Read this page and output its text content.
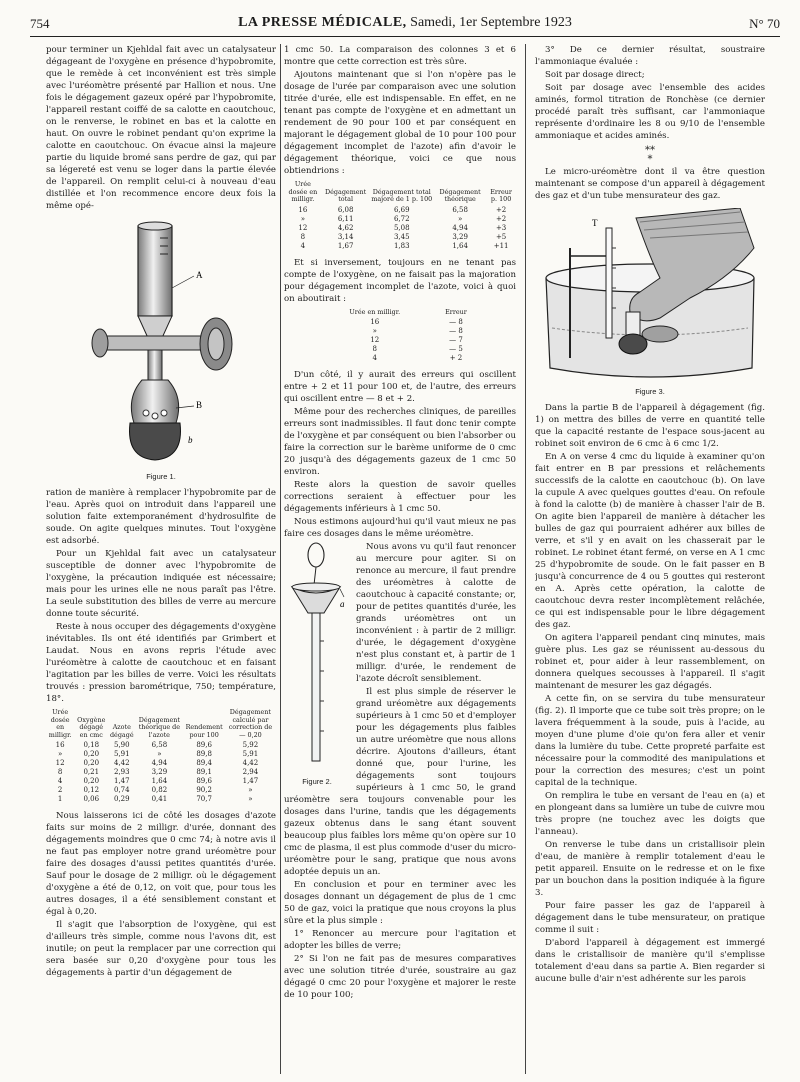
754	LA PRESSE MÉDICALE, Samedi, 1er Septembre 1923	N° 70

pour terminer un Kjehldal fait avec un catalysateur dégageant de l'oxygène en présence d'hypobromite, que le remède à cet inconvénient est très simple avec l'uréomètre présenté par Hallion et nous. Une fois le dégagement gazeux opéré par l'hypobromite, l'appareil restant coiffé de sa calotte en caoutchouc, on le renverse, le robinet en bas et la calotte en haut. On ouvre le robinet pendant qu'on exprime la calotte en caoutchouc. On évacue ainsi la majeure partie du liquide bromé sans perdre de gaz, qui par sa légereté est venu se loger dans la partie élevée de l'appareil. On remplit celui-ci à nouveau d'eau distillée et l'on recommence encore deux fois la même opé-

A
B
b
Figure 1.

ration de manière à remplacer l'hypobromite par de l'eau. Après quoi on introduit dans l'appareil une solution faite extemporanément d'hydrosulfite de soude. On agite quelques minutes. Tout l'oxygène est adsorbé.

Pour un Kjehldal fait avec un catalysateur susceptible de donner avec l'hypobromite de l'oxygène, la précaution indiquée est nécessaire; mais pour les urines elle ne nous paraît pas l'être. La seule substitution des billes de verre au mercure donne toute sécurité.

Reste à nous occuper des dégagements d'oxygène inévitables. Ils ont été identifiés par Grimbert et Laudat. Nous en avons repris l'étude avec l'uréomètre à calotte de caoutchouc et en faisant l'agitation par les billes de verre. Voici les résultats trouvés : pression barométrique, 750; température, 18°.

Urée dosée en milligr.	Oxygène dégagé en cmc	Azote dégagé	Dégagement théorique de l'azote	Rendement pour 100	Dégagement calculé par correction de — 0,20
16	0,18	5,90	6,58	89,6	5,92
»	0,20	5,91	»	89,8	5,91
12	0,20	4,42	4,94	89,4	4,42
8	0,21	2,93	3,29	89,1	2,94
4	0,20	1,47	1,64	89,6	1,47
2	0,12	0,74	0,82	90,2	»
1	0,06	0,29	0,41	70,7	»

Nous laisserons ici de côté les dosages d'azote faits sur moins de 2 milligr. d'urée, donnant des dégagements moindres que 0 cmc 74; à notre avis il ne faut pas employer notre grand uréomètre pour faire des dosages d'aussi petites quantités d'urée. Sauf pour le dosage de 2 milligr. où le dégagement d'oxygène a été de 0,12, on voit que, pour tous les autres dosages, il a été sensiblement constant et égal à 0,20.

Il s'agit que l'absorption de l'oxygène, qui est d'ailleurs très simple, comme nous l'avons dit, est inutile; on peut la remplacer par une correction qui sera basée sur 0,20 d'oxygène pour tous les dégagements à partir d'un dégagement de

1 cmc 50. La comparaison des colonnes 3 et 6 montre que cette correction est très sûre.

Ajoutons maintenant que si l'on n'opère pas le dosage de l'urée par comparaison avec une solution titrée d'urée, elle est indispensable. En effet, en ne tenant pas compte de l'oxygène et en admettant un rendement de 90 pour 100 et par conséquent en majorant le dégagement global de 10 pour 100 pour dégagement incomplet de l'azote) afin d'avoir le dégagement théorique, voici ce que nous obtiendrions :

Urée dosée en milligr.	Dégagement total	Dégagement total majoré de 1 p. 100	Dégagement théorique	Erreur p. 100
16	6,08	6,69	6,58	+2
»	6,11	6,72	»	+2
12	4,62	5,08	4,94	+3
8	3,14	3,45	3,29	+5
4	1,67	1,83	1,64	+11

Et si inversement, toujours en ne tenant pas compte de l'oxygène, on ne faisait pas la majoration pour dégagement incomplet de l'azote, voici à quoi on aboutirait :

Urée en milligr.	Erreur
16	— 8
»	— 8
12	— 7
8	— 5
4	+ 2

D'un côté, il y aurait des erreurs qui oscillent entre + 2 et 11 pour 100 et, de l'autre, des erreurs qui oscillent entre — 8 et + 2.

Même pour des recherches cliniques, de pareilles erreurs sont inadmissibles. Il faut donc tenir compte de l'oxygène et par conséquent ou bien l'absorber ou faire la correction sur le barème uniforme de 0 cmc 20 jusqu'à des dégagements gazeux de 1 cmc 50 environ.

Reste alors la question de savoir quelles corrections seraient à effectuer pour les dégagements inférieurs à 1 cmc 50.

Nous estimons aujourd'hui qu'il vaut mieux ne pas faire ces dosages dans le même uréomètre.

a
Figure 2.

Nous avons vu qu'il faut renoncer au mercure pour agiter. Si on renonce au mercure, il faut prendre des uréomètres à calotte de caoutchouc à capacité constante; or, pour de petites quantités d'urée, les grands uréomètres ont un inconvénient : à partir de 2 milligr. d'urée, le dégagement d'oxygène n'est plus constant et, à partir de 1 milligr. d'urée, le rendement de l'azote décroît sensiblement.

Il est plus simple de réserver le grand uréomètre aux dégagements supérieurs à 1 cmc 50 et d'employer pour les dégagements plus faibles un autre uréomètre que nous allons décrire. Ajoutons d'ailleurs, étant donné que, pour l'urine, les dégagements sont toujours supérieurs à 1 cmc 50, le grand uréomètre sera toujours convenable pour les dosages dans l'urine, tandis que les dégagements gazeux obtenus dans le sang étant souvent beaucoup plus faibles lors même qu'on opère sur 10 cmc de plasma, il est plus commode d'user du micro-uréomètre pour le sang, pratique que nous avons adoptée depuis un an.

En conclusion et pour en terminer avec les dosages donnant un dégagement de plus de 1 cmc 50 de gaz, voici la pratique que nous croyons la plus sûre et la plus simple :

1° Renoncer au mercure pour l'agitation et adopter les billes de verre;

2° Si l'on ne fait pas de mesures comparatives avec une solution titrée d'urée, soustraire au gaz dégagé 0 cmc 20 pour l'oxygène et majorer le reste de 10 pour 100;

3° De ce dernier résultat, soustraire l'ammoniaque évaluée :

Soit par dosage direct;

Soit par dosage avec l'ensemble des acides aminés, formol titration de Ronchèse (ce dernier procédé paraît très suffisant, car l'ammoniaque représente d'ordinaire les 8 ou 9/10 de l'ensemble ammoniaque et acides aminés.

**
*

Le micro-uréomètre dont il va être question maintenant se compose d'un appareil à dégagement des gaz et d'un tube mensurateur des gaz.

T
Figure 3.

Dans la partie B de l'appareil à dégagement (fig. 1) on mettra des billes de verre en quantité telle que la capacité restante de l'espace sous-jacent au robinet soit environ de 6 cmc à 6 cmc 1/2.

En A on verse 4 cmc du liquide à examiner qu'on fait entrer en B par pressions et relâchements successifs de la calotte en caoutchouc (b). On lave la cupule A avec quelques gouttes d'eau. On refoule à fond la calotte (b) de manière à chasser l'air de B. On agite bien l'appareil de manière à détacher les bulles de gaz qui pourraient adhérer aux billes de verre, et s'il y en avait on les chasserait par le robinet. Le robinet étant fermé, on verse en A 1 cmc 25 d'hypobromite de soude. On le fait passer en B jusqu'à concurrence de 4 ou 5 gouttes qui resteront en A. Après cette opération, la calotte de caoutchouc devra rester incomplètement relâchée, ce qui est indispensable pour le libre dégagement des gaz.

On agitera l'appareil pendant cinq minutes, mais guère plus. Les gaz se réunissent au-dessous du robinet et, pour aider à leur rassemblement, on donnera quelques secousses à l'appareil. Il s'agit maintenant de mesurer les gaz dégagés.

A cette fin, on se servira du tube mensurateur (fig. 2). Il importe que ce tube soit très propre; on le lavera fréquemment à la soude, puis à l'acide, au moyen d'une plume d'oie qu'on fera aller et venir dans la lumière du tube. Cette propreté parfaite est nécessaire pour la commodité des manipulations et pour la correction des mesures; c'est un point capital de la technique.

On remplira le tube en versant de l'eau en (a) et en plongeant dans sa lumière un tube de cuivre mou très propre (ne touchez avec les doigts que l'anneau).

On renverse le tube dans un cristallisoir plein d'eau, de manière à remplir totalement d'eau le petit appareil. Ensuite on le redresse et on le fixe par un bouchon dans la position indiquée à la figure 3.

Pour faire passer les gaz de l'appareil à dégagement dans le tube mensurateur, on pratique comme il suit :

D'abord l'appareil à dégagement est immergé dans le cristallisoir de manière qu'il s'emplisse totalement d'eau dans sa partie A. Bien regarder si aucune bulle d'air n'est adhérente sur les parois
